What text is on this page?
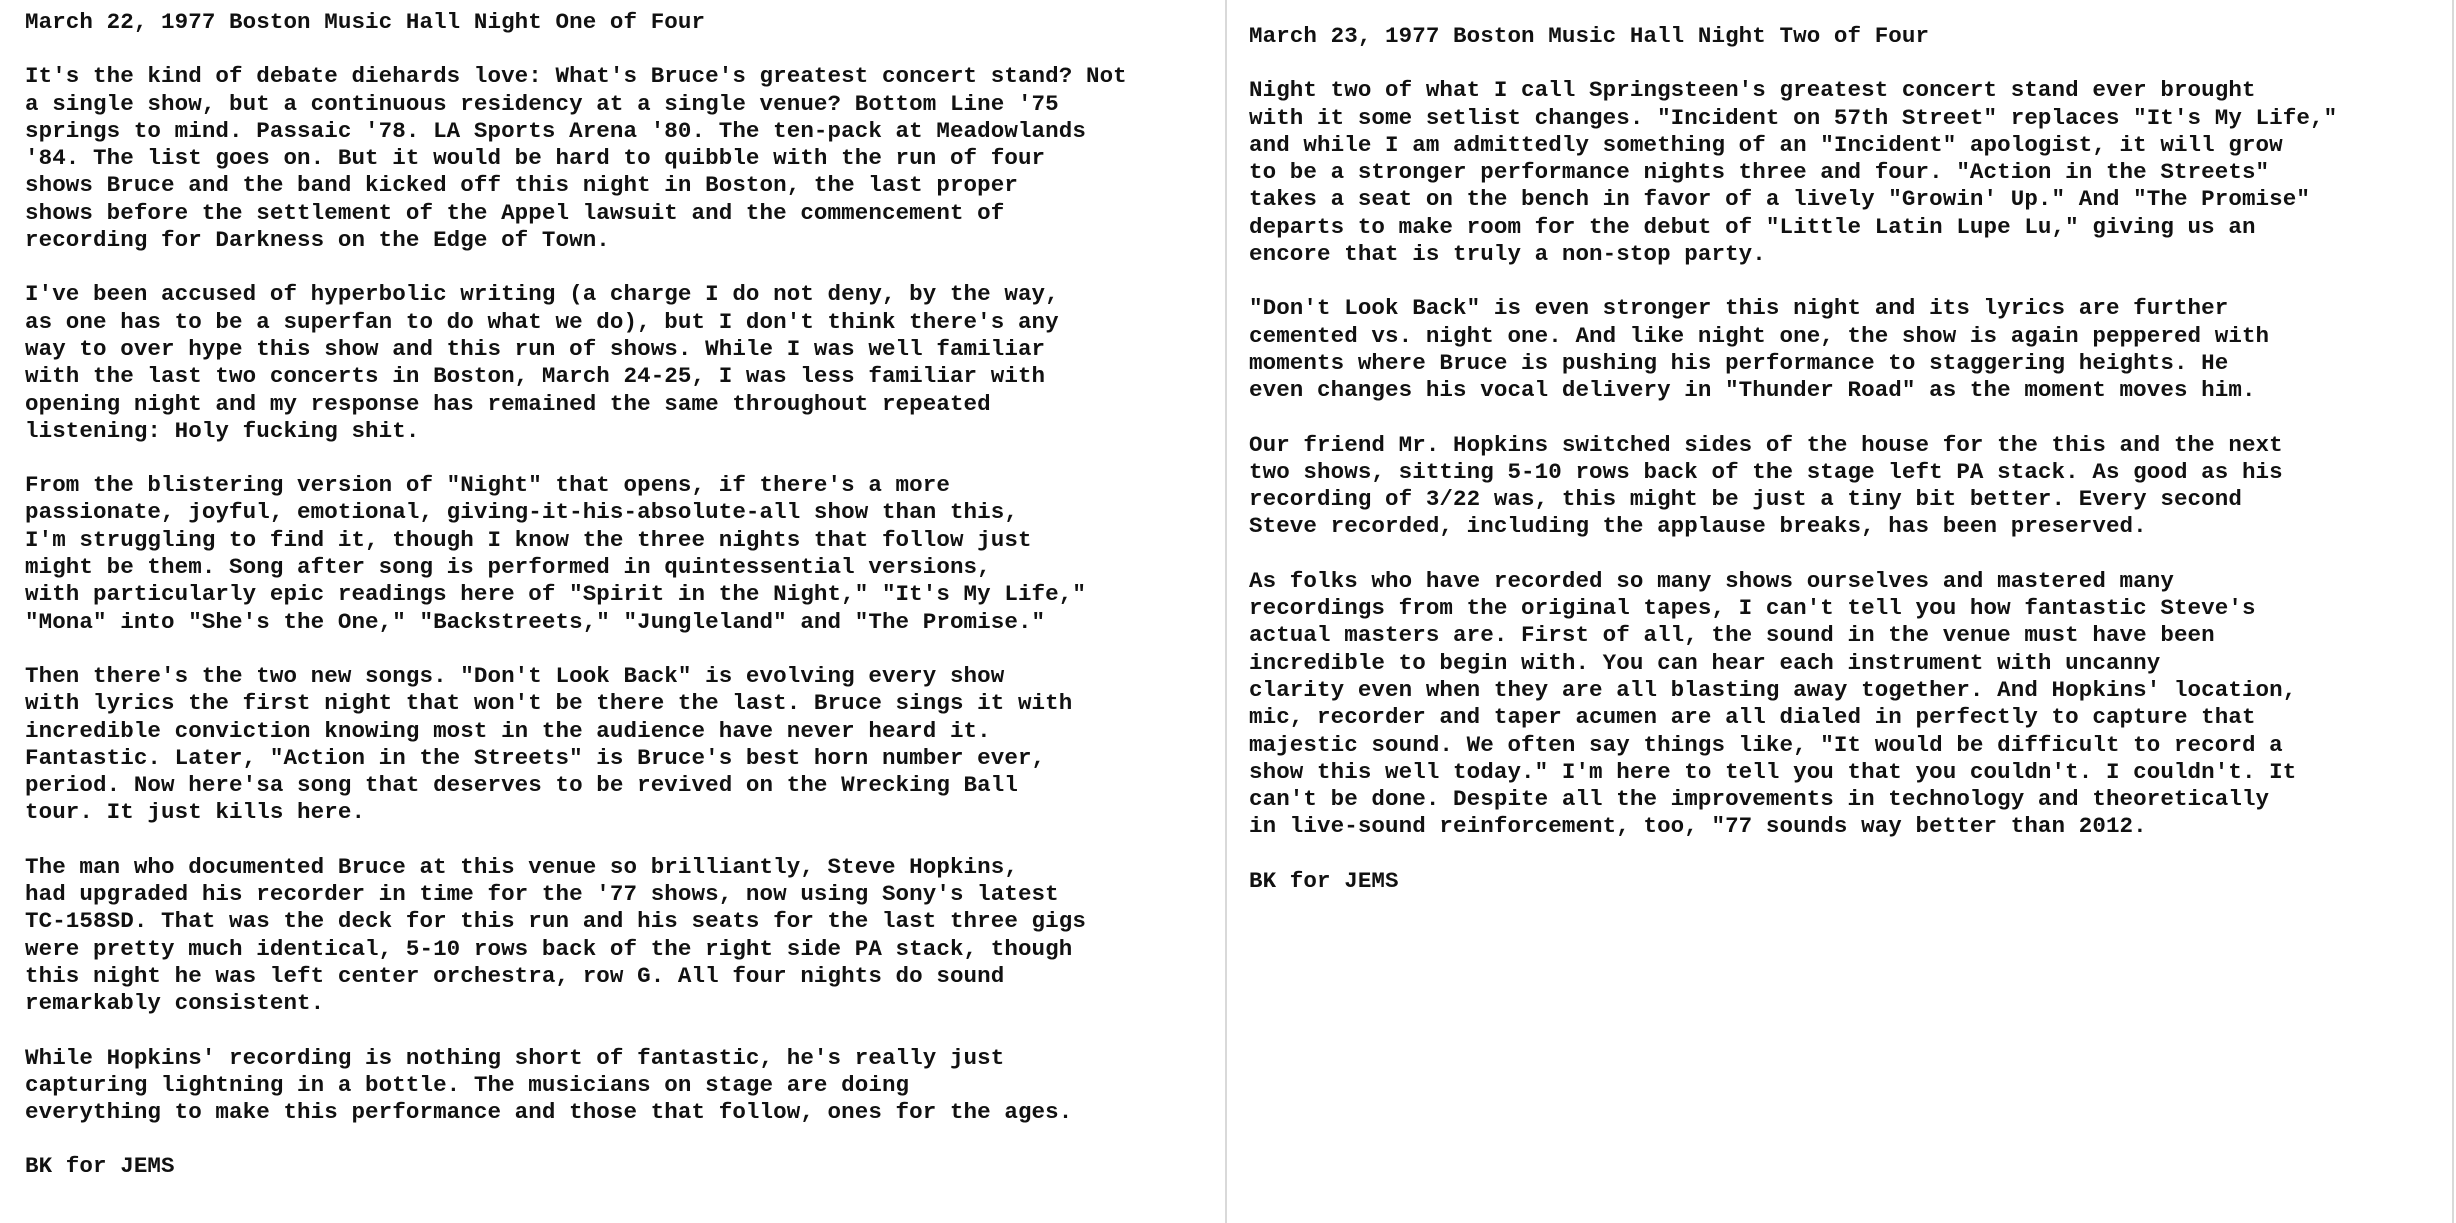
March 22, 1977 Boston Music Hall Night One of Four
It's the kind of debate diehards love: What's Bruce's greatest concert stand? Not
a single show, but a continuous residency at a single venue? Bottom Line '75
springs to mind. Passaic '78. LA Sports Arena '80. The ten-pack at Meadowlands
'84. The list goes on. But it would be hard to quibble with the run of four
shows Bruce and the band kicked off this night in Boston, the last proper
shows before the settlement of the Appel lawsuit and the commencement of
recording for Darkness on the Edge of Town.
I've been accused of hyperbolic writing (a charge I do not deny, by the way,
as one has to be a superfan to do what we do), but I don't think there's any
way to over hype this show and this run of shows. While I was well familiar
with the last two concerts in Boston, March 24-25, I was less familiar with
opening night and my response has remained the same throughout repeated
listening: Holy fucking shit.
From the blistering version of "Night" that opens, if there's a more
passionate, joyful, emotional, giving-it-his-absolute-all show than this,
I'm struggling to find it, though I know the three nights that follow just
might be them. Song after song is performed in quintessential versions,
with particularly epic readings here of "Spirit in the Night," "It's My Life,"
"Mona" into "She's the One," "Backstreets," "Jungleland" and "The Promise."
Then there's the two new songs. "Don't Look Back" is evolving every show
with lyrics the first night that won't be there the last. Bruce sings it with
incredible conviction knowing most in the audience have never heard it.
Fantastic. Later, "Action in the Streets" is Bruce's best horn number ever,
period. Now here'sa song that deserves to be revived on the Wrecking Ball
tour. It just kills here.
The man who documented Bruce at this venue so brilliantly, Steve Hopkins,
had upgraded his recorder in time for the '77 shows, now using Sony's latest
TC-158SD. That was the deck for this run and his seats for the last three gigs
were pretty much identical, 5-10 rows back of the right side PA stack, though
this night he was left center orchestra, row G. All four nights do sound
remarkably consistent.
While Hopkins' recording is nothing short of fantastic, he's really just
capturing lightning in a bottle. The musicians on stage are doing
everything to make this performance and those that follow, ones for the ages.
BK for JEMS
March 23, 1977 Boston Music Hall Night Two of Four
Night two of what I call Springsteen's greatest concert stand ever brought
with it some setlist changes. "Incident on 57th Street" replaces "It's My Life,"
and while I am admittedly something of an "Incident" apologist, it will grow
to be a stronger performance nights three and four. "Action in the Streets"
takes a seat on the bench in favor of a lively "Growin' Up." And "The Promise"
departs to make room for the debut of "Little Latin Lupe Lu," giving us an
encore that is truly a non-stop party.
"Don't Look Back" is even stronger this night and its lyrics are further
cemented vs. night one. And like night one, the show is again peppered with
moments where Bruce is pushing his performance to staggering heights. He
even changes his vocal delivery in "Thunder Road" as the moment moves him.
Our friend Mr. Hopkins switched sides of the house for the this and the next
two shows, sitting 5-10 rows back of the stage left PA stack. As good as his
recording of 3/22 was, this might be just a tiny bit better. Every second
Steve recorded, including the applause breaks, has been preserved.
As folks who have recorded so many shows ourselves and mastered many
recordings from the original tapes, I can't tell you how fantastic Steve's
actual masters are. First of all, the sound in the venue must have been
incredible to begin with. You can hear each instrument with uncanny
clarity even when they are all blasting away together. And Hopkins' location,
mic, recorder and taper acumen are all dialed in perfectly to capture that
majestic sound. We often say things like, "It would be difficult to record a
show this well today." I'm here to tell you that you couldn't. I couldn't. It
can't be done. Despite all the improvements in technology and theoretically
in live-sound reinforcement, too, "77 sounds way better than 2012.
BK for JEMS
